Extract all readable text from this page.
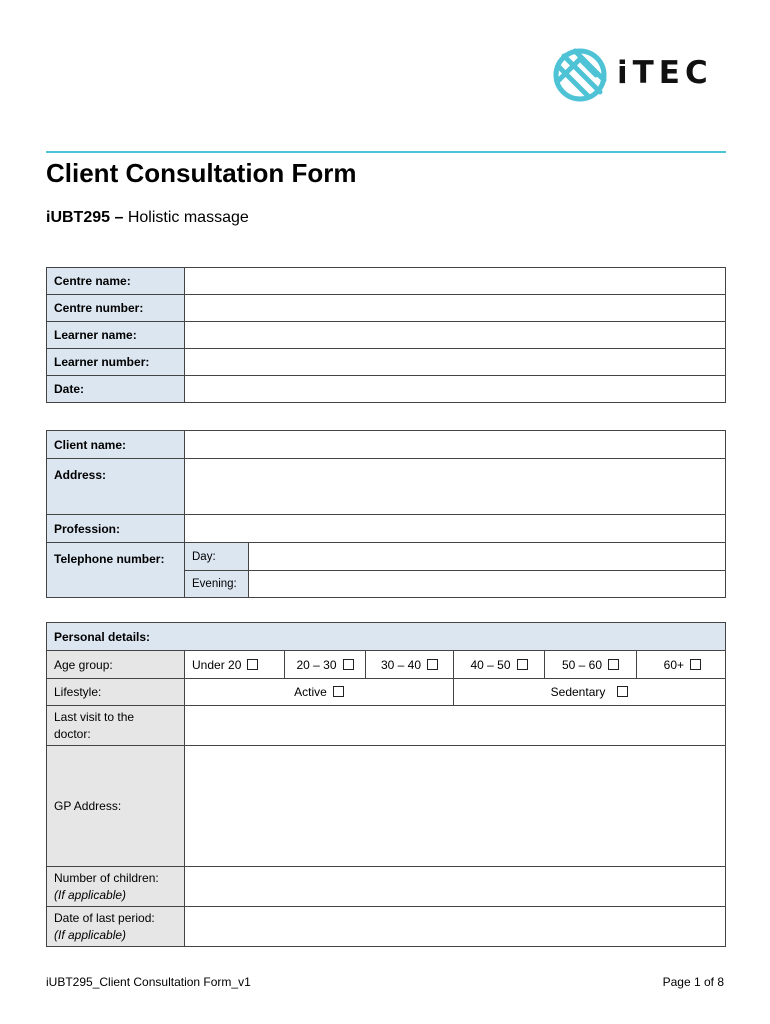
iTEC
Client Consultation Form
iUBT295 – Holistic massage
Centre name:	
Centre number:	
Learner name:	
Learner number:	
Date:	
Client name:		
Address:		
Profession:		
Telephone number:	Day:	
	Evening:	
Personal details:						
Age group:	Under 20	20 – 30	30 – 40	40 – 50	50 – 60	60+
Lifestyle:	Active			Sedentary		
Last visit to the
doctor:						
GP Address:						
Number of children:
(If applicable)						
Date of last period:
(If applicable)						
iUBT295_Client Consultation Form_v1	Page 1 of 8
